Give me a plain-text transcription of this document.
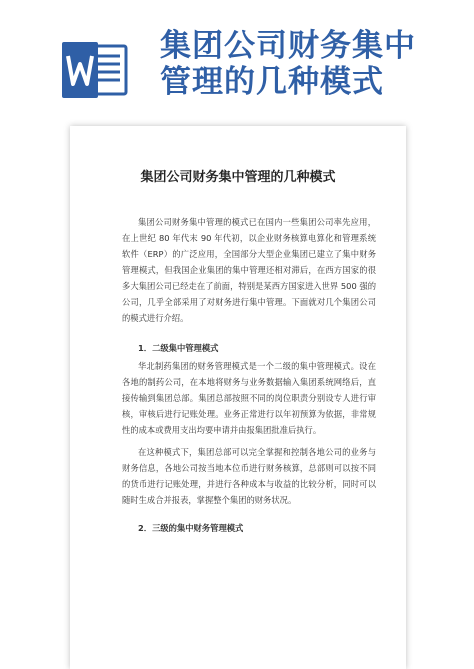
集团公司财务集中
管理的几种模式
集团公司财务集中管理的几种模式
集团公司财务集中管理的模式已在国内一些集团公司率先应用，在上世纪 80 年代末 90 年代初，以企业财务核算电算化和管理系统软件（ERP）的广泛应用，全国部分大型企业集团已建立了集中财务管理模式，但我国企业集团的集中管理还相对滞后，在西方国家的很多大集团公司已经走在了前面，特别是某西方国家进入世界 500 强的公司，几乎全部采用了对财务进行集中管理。下面就对几个集团公司的模式进行介绍。
1．二级集中管理模式
华北制药集团的财务管理模式是一个二级的集中管理模式。设在各地的制药公司，在本地将财务与业务数据输入集团系统网络后，直接传输到集团总部。集团总部按照不同的岗位职责分别设专人进行审核，审核后进行记账处理。业务正常进行以年初预算为依据，非常规性的成本或费用支出均要申请并由报集团批准后执行。
在这种模式下，集团总部可以完全掌握和控制各地公司的业务与财务信息，各地公司按当地本位币进行财务核算，总部则可以按不同的货币进行记账处理，并进行各种成本与收益的比较分析，同时可以随时生成合并报表，掌握整个集团的财务状况。
2．三级的集中财务管理模式
